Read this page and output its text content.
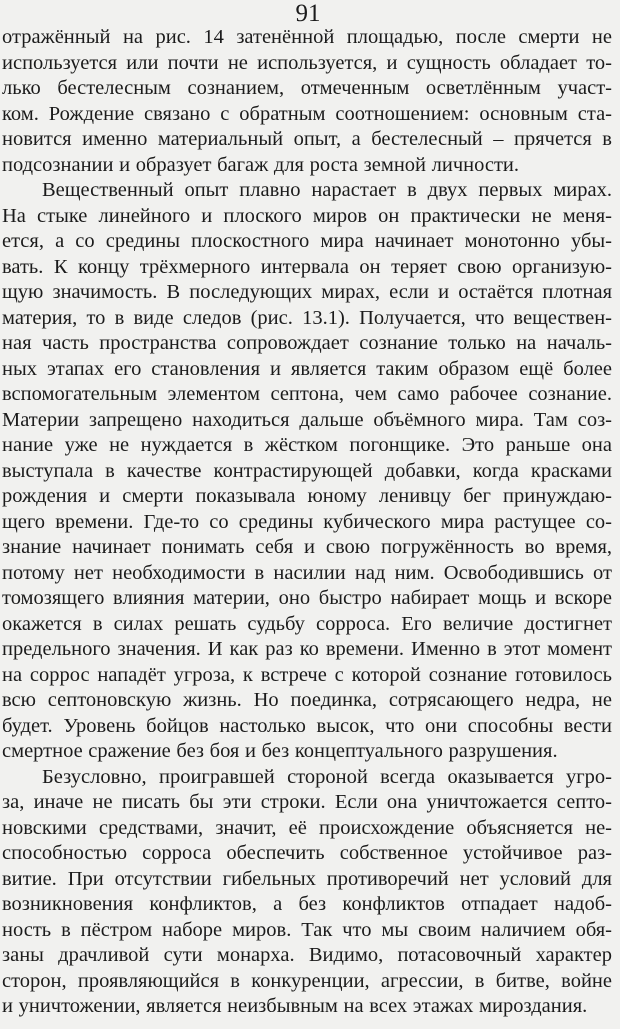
91
отражённый на рис. 14 затенённой площадью, после смерти не
используется или почти не используется, и сущность обладает то-
лько бестелесным сознанием, отмеченным осветлённым участ-
ком. Рождение связано с обратным соотношением: основным ста-
новится именно материальный опыт, а бестелесный – прячется в
подсознании и образует багаж для роста земной личности.
Вещественный опыт плавно нарастает в двух первых мирах.
На стыке линейного и плоского миров он практически не меня-
ется, а со средины плоскостного мира начинает монотонно убы-
вать. К концу трёхмерного интервала он теряет свою организую-
щую значимость. В последующих мирах, если и остаётся плотная
материя, то в виде следов (рис. 13.1). Получается, что веществен-
ная часть пространства сопровождает сознание только на началь-
ных этапах его становления и является таким образом ещё более
вспомогательным элементом септона, чем само рабочее сознание.
Материи запрещено находиться дальше объёмного мира. Там соз-
нание уже не нуждается в жёстком погонщике. Это раньше она
выступала в качестве контрастирующей добавки, когда красками
рождения и смерти показывала юному ленивцу бег принуждаю-
щего времени. Где-то со средины кубического мира растущее со-
знание начинает понимать себя и свою погружённость во время,
потому нет необходимости в насилии над ним. Освободившись от
томозящего влияния материи, оно быстро набирает мощь и вскоре
окажется в силах решать судьбу сорроса. Его величие достигнет
предельного значения. И как раз ко времени. Именно в этот момент
на соррос нападёт угроза, к встрече с которой сознание готовилось
всю септоновскую жизнь. Но поединка, сотрясающего недра, не
будет. Уровень бойцов настолько высок, что они способны вести
смертное сражение без боя и без концептуального разрушения.
Безусловно, проигравшей стороной всегда оказывается угро-
за, иначе не писать бы эти строки. Если она уничтожается септо-
новскими средствами, значит, её происхождение объясняется не-
способностью сорроса обеспечить собственное устойчивое раз-
витие. При отсутствии гибельных противоречий нет условий для
возникновения конфликтов, а без конфликтов отпадает надоб-
ность в пёстром наборе миров. Так что мы своим наличием обя-
заны драчливой сути монарха. Видимо, потасовочный характер
сторон, проявляющийся в конкуренции, агрессии, в битве, войне
и уничтожении, является неизбывным на всех этажах мироздания.
